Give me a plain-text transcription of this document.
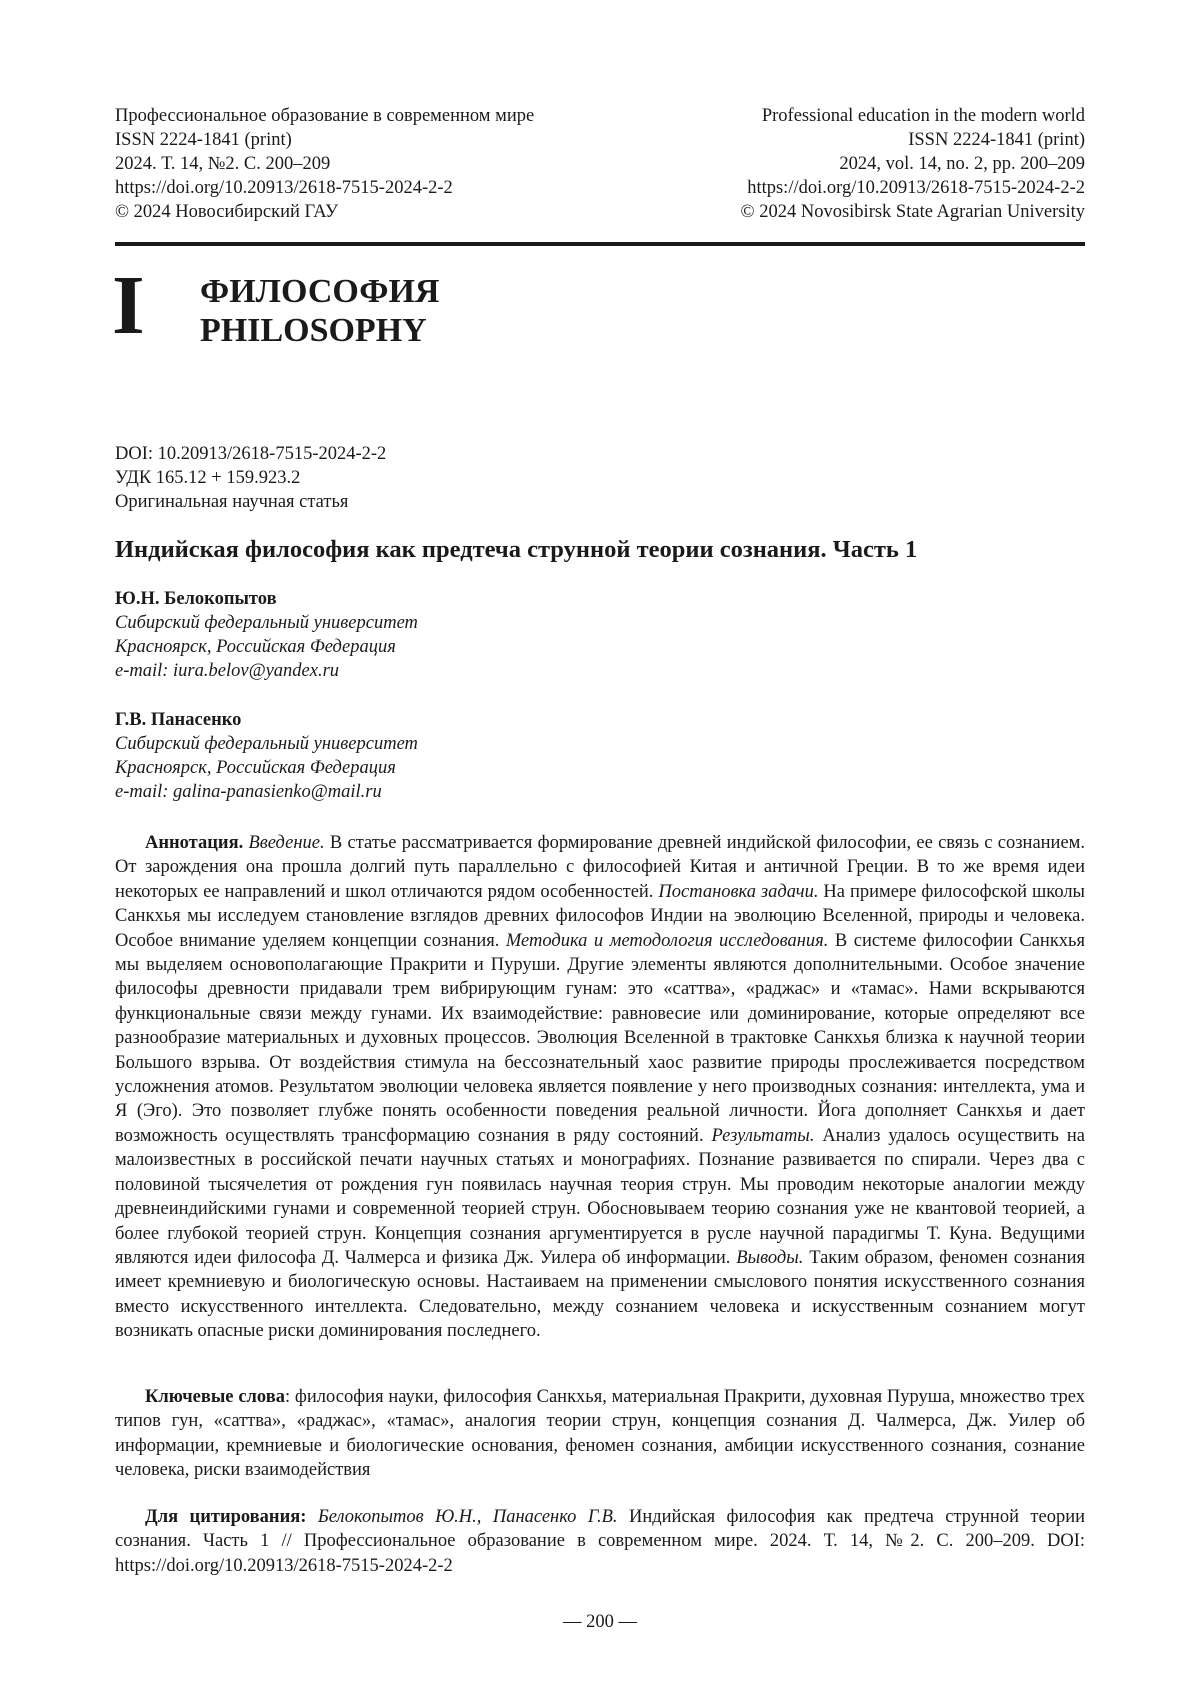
Профессиональное образование в современном мире
ISSN 2224-1841 (print)
2024. Т. 14, №2. С. 200–209
https://doi.org/10.20913/2618-7515-2024-2-2
© 2024 Новосибирский ГАУ
Professional education in the modern world
ISSN 2224-1841 (print)
2024, vol. 14, no. 2, pp. 200–209
https://doi.org/10.20913/2618-7515-2024-2-2
© 2024 Novosibirsk State Agrarian University
I ФИЛОСОФИЯ
PHILOSOPHY
DOI: 10.20913/2618-7515-2024-2-2
УДК 165.12 + 159.923.2
Оригинальная научная статья
Индийская философия как предтеча струнной теории сознания. Часть 1
Ю.Н. Белокопытов
Сибирский федеральный университет
Красноярск, Российская Федерация
e-mail: iura.belov@yandex.ru
Г.В. Панасенко
Сибирский федеральный университет
Красноярск, Российская Федерация
e-mail: galina-panasienko@mail.ru
Аннотация. Введение. В статье рассматривается формирование древней индийской философии, ее связь с сознанием. От зарождения она прошла долгий путь параллельно с философией Китая и античной Греции. В то же время идеи некоторых ее направлений и школ отличаются рядом особенностей. Постановка задачи. На примере философской школы Санкхья мы исследуем становление взглядов древних философов Индии на эволюцию Вселенной, природы и человека. Особое внимание уделяем концепции сознания. Методика и методология исследования. В системе философии Санкхья мы выделяем основополагающие Пракрити и Пуруши. Другие элементы являются дополнительными. Особое значение философы древности придавали трем вибрирующим гунам: это «саттва», «раджас» и «тамас». Нами вскрываются функциональные связи между гунами. Их взаимодействие: равновесие или доминирование, которые определяют все разнообразие материальных и духовных процессов. Эволюция Вселенной в трактовке Санкхья близка к научной теории Большого взрыва. От воздействия стимула на бессознательный хаос развитие природы прослеживается посредством усложнения атомов. Результатом эволюции человека является появление у него производных сознания: интеллекта, ума и Я (Эго). Это позволяет глубже понять особенности поведения реальной личности. Йога дополняет Санкхья и дает возможность осуществлять трансформацию сознания в ряду состояний. Результаты. Анализ удалось осуществить на малоизвестных в российской печати научных статьях и монографиях. Познание развивается по спирали. Через два с половиной тысячелетия от рождения гун появилась научная теория струн. Мы проводим некоторые аналогии между древнеиндийскими гунами и современной теорией струн. Обосновываем теорию сознания уже не квантовой теорией, а более глубокой теорией струн. Концепция сознания аргументируется в русле научной парадигмы Т. Куна. Ведущими являются идеи философа Д. Чалмерса и физика Дж. Уилера об информации. Выводы. Таким образом, феномен сознания имеет кремниевую и биологическую основы. Настаиваем на применении смыслового понятия искусственного сознания вместо искусственного интеллекта. Следовательно, между сознанием человека и искусственным сознанием могут возникать опасные риски доминирования последнего.
Ключевые слова: философия науки, философия Санкхья, материальная Пракрити, духовная Пуруша, множество трех типов гун, «саттва», «раджас», «тамас», аналогия теории струн, концепция сознания Д. Чалмерса, Дж. Уилер об информации, кремниевые и биологические основания, феномен сознания, амбиции искусственного сознания, сознание человека, риски взаимодействия
Для цитирования: Белокопытов Ю.Н., Панасенко Г.В. Индийская философия как предтеча струнной теории сознания. Часть 1 // Профессиональное образование в современном мире. 2024. Т. 14, №2. С. 200–209. DOI: https://doi.org/10.20913/2618-7515-2024-2-2
— 200 —
